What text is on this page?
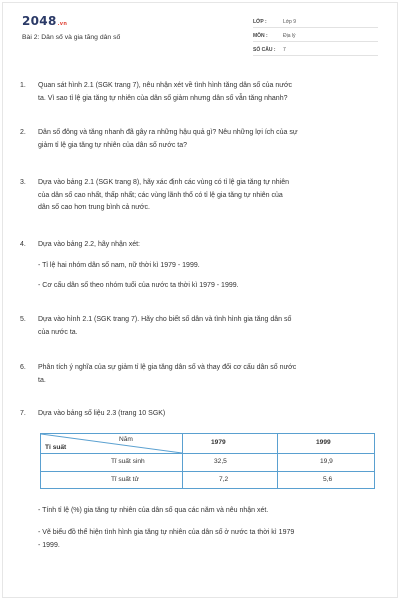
2048.vn
Bài 2: Dân số và gia tăng dân số
LỚP :	Lớp 9
MÔN :	Địa lý
SỐ CÂU : 7
1.	Quan sát hình 2.1 (SGK trang 7), nêu nhận xét về tình hình tăng dân số của nước
ta. Vì sao tỉ lệ gia tăng tự nhiên của dân số giảm nhưng dân số vẫn tăng nhanh?
2.	Dân số đông và tăng nhanh đã gây ra những hậu quả gì? Nêu những lợi ích của sự
giảm tỉ lệ gia tăng tự nhiên của dân số nước ta?
3.	Dựa vào bảng 2.1 (SGK trang 8), hãy xác định các vùng có tỉ lệ gia tăng tự nhiên
của dân số cao nhất, thấp nhất; các vùng lãnh thổ có tỉ lệ gia tăng tự nhiên của
dân số cao hơn trung bình cả nước.
4.	Dựa vào bảng 2.2, hãy nhận xét:
- Tỉ lệ hai nhóm dân số nam, nữ thời kì 1979 - 1999.
- Cơ cấu dân số theo nhóm tuổi của nước ta thời kì 1979 - 1999.
5.	Dựa vào hình 2.1 (SGK trang 7). Hãy cho biết số dân và tình hình gia tăng dân số
của nước ta.
6.	Phân tích ý nghĩa của sự giảm tỉ lệ gia tăng dân số và thay đổi cơ cấu dân số nước
ta.
7.	Dựa vào bảng số liệu 2.3 (trang 10 SGK)
Năm
Tỉ suất
1979	1999
Tỉ suất sinh	32,5	19,9
Tỉ suất tử	7,2	5,6
- Tính tỉ lệ (%) gia tăng tự nhiên của dân số qua các năm và nêu nhận xét.
- Vẽ biểu đồ thể hiện tình hình gia tăng tự nhiên của dân số ở nước ta thời kì 1979
- 1999.
